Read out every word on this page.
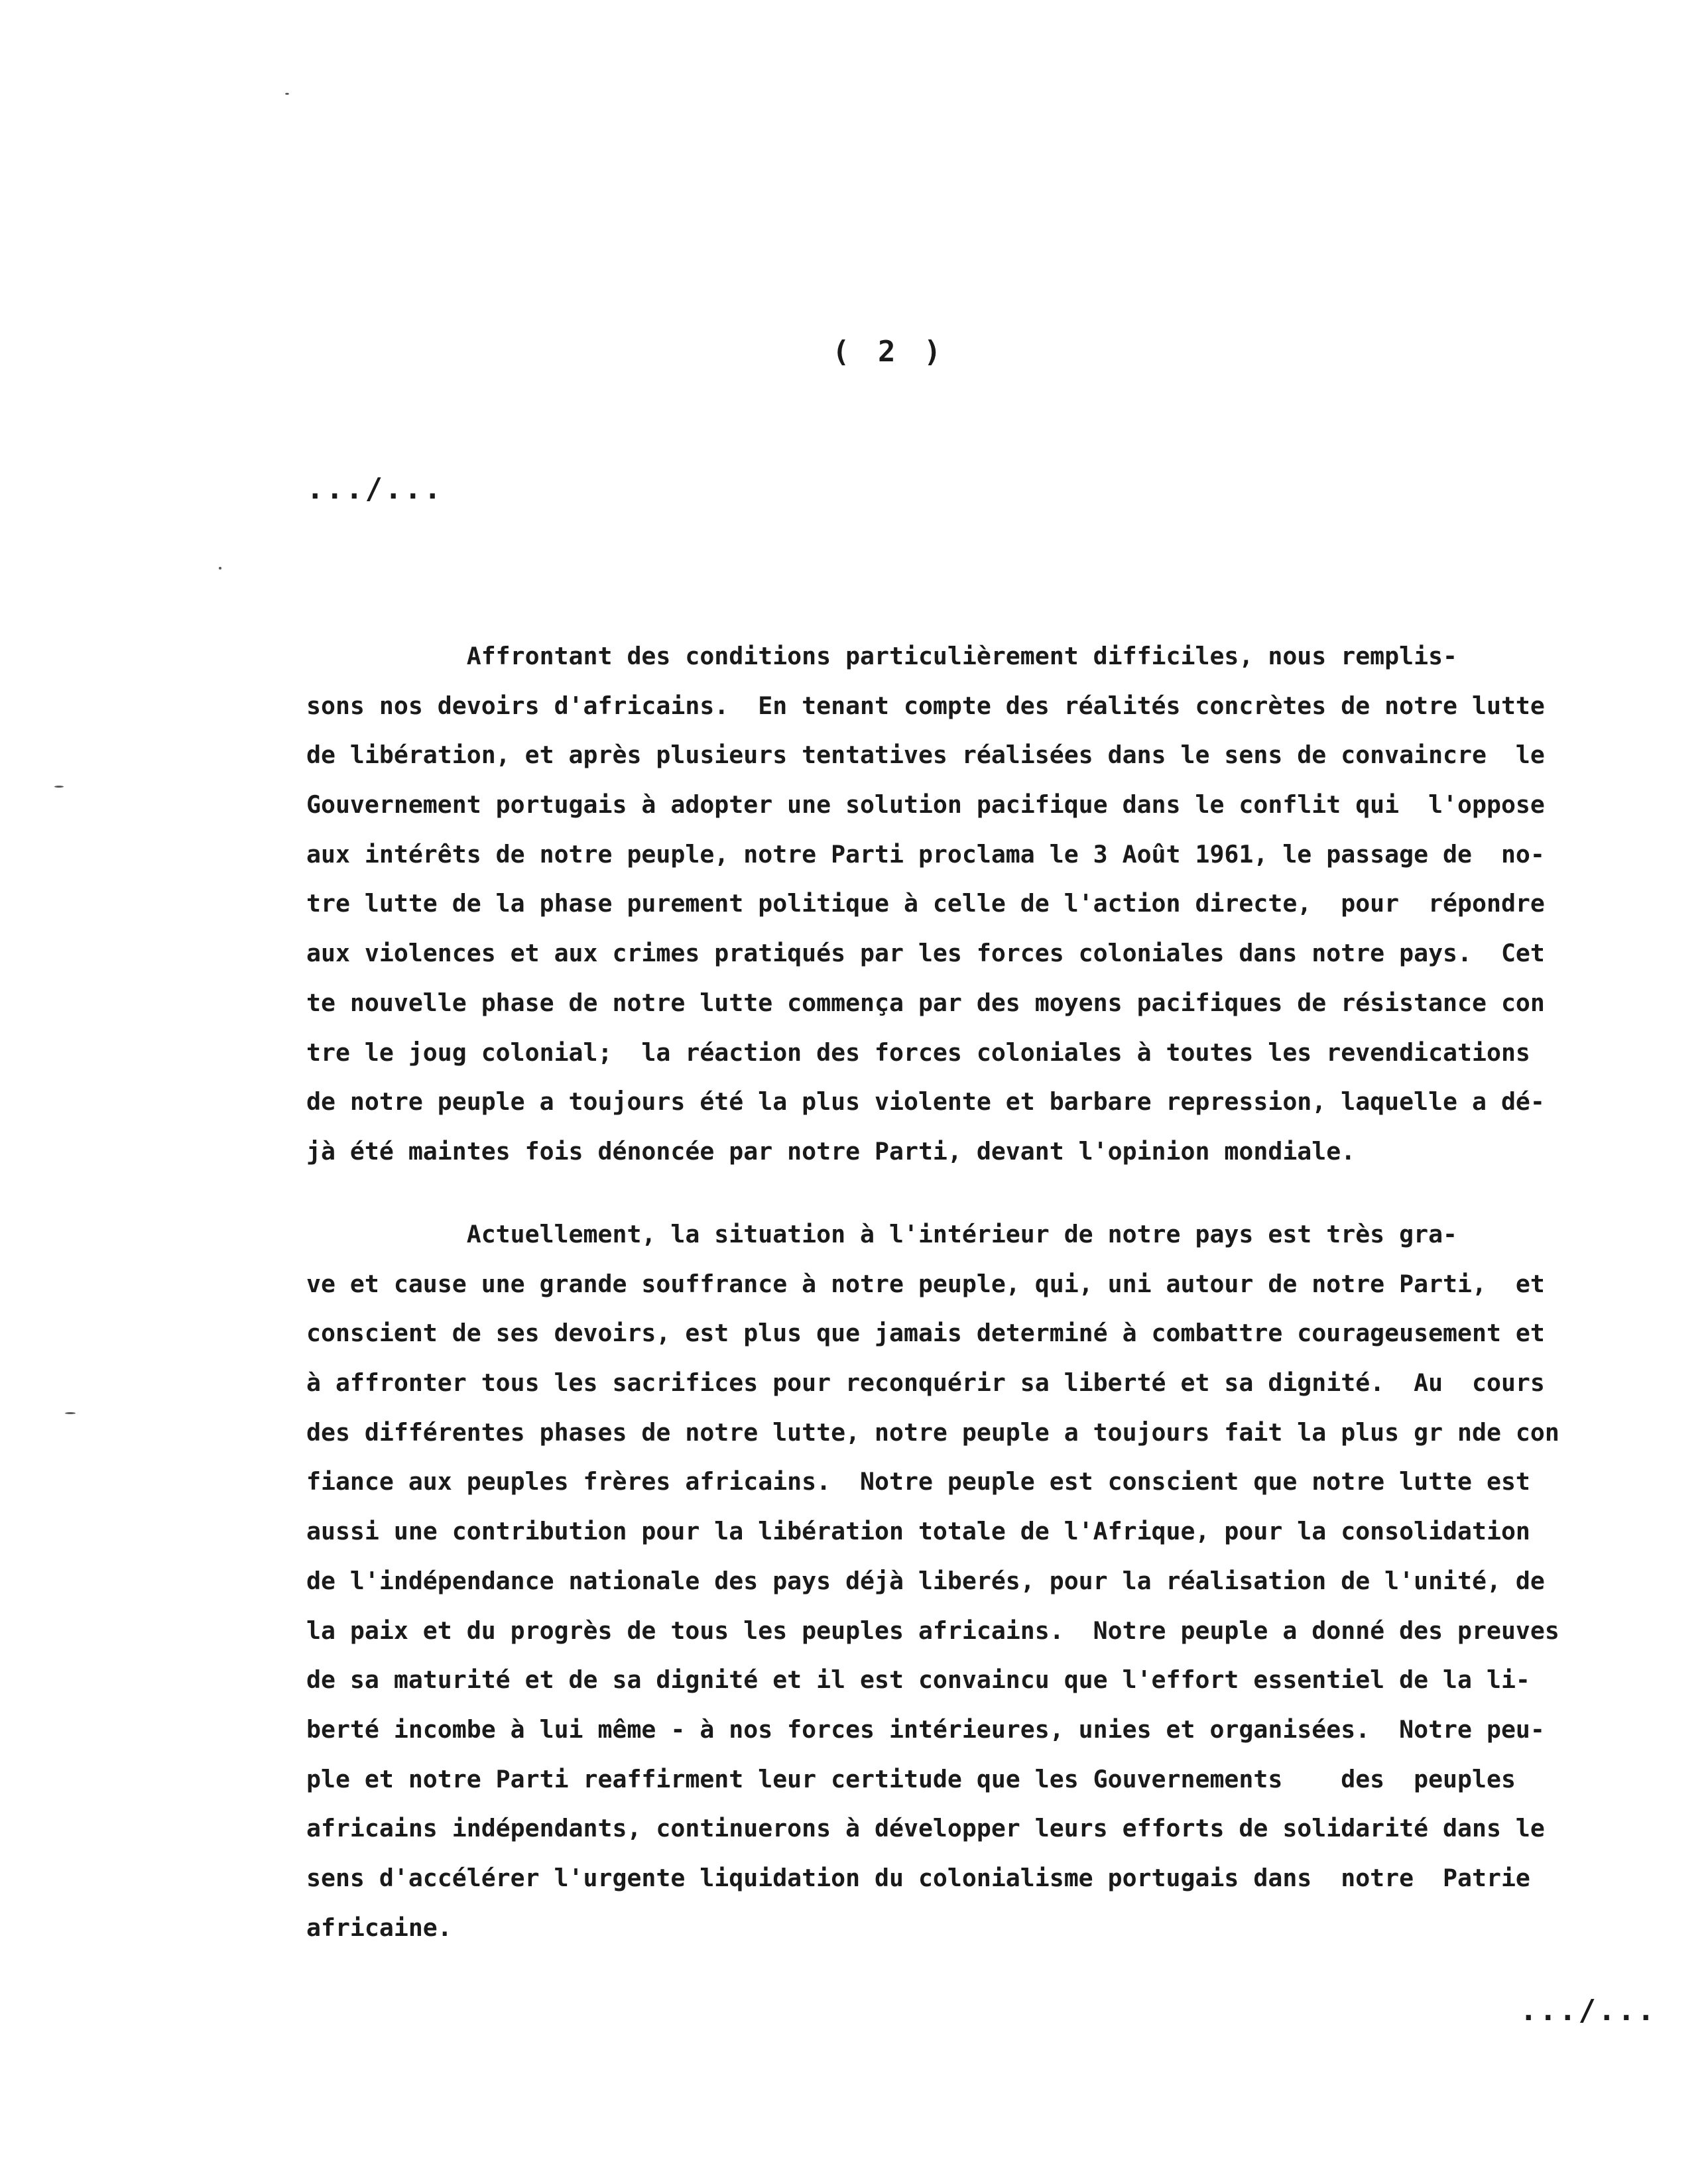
( 2 )
.../...
Affrontant des conditions particulièrement difficiles, nous remplis-
sons nos devoirs d'africains.  En tenant compte des réalités concrètes de notre lutte
de libération, et après plusieurs tentatives réalisées dans le sens de convaincre  le
Gouvernement portugais à adopter une solution pacifique dans le conflit qui  l'oppose
aux intérêts de notre peuple, notre Parti proclama le 3 Août 1961, le passage de  no-
tre lutte de la phase purement politique à celle de l'action directe,  pour  répondre
aux violences et aux crimes pratiqués par les forces coloniales dans notre pays.  Cet
te nouvelle phase de notre lutte commença par des moyens pacifiques de résistance con
tre le joug colonial;  la réaction des forces coloniales à toutes les revendications
de notre peuple a toujours été la plus violente et barbare repression, laquelle a dé-
jà été maintes fois dénoncée par notre Parti, devant l'opinion mondiale.
Actuellement, la situation à l'intérieur de notre pays est très gra-
ve et cause une grande souffrance à notre peuple, qui, uni autour de notre Parti,  et
conscient de ses devoirs, est plus que jamais determiné à combattre courageusement et
à affronter tous les sacrifices pour reconquérir sa liberté et sa dignité.  Au  cours
des différentes phases de notre lutte, notre peuple a toujours fait la plus gr nde con
fiance aux peuples frères africains.  Notre peuple est conscient que notre lutte est
aussi une contribution pour la libération totale de l'Afrique, pour la consolidation
de l'indépendance nationale des pays déjà liberés, pour la réalisation de l'unité, de
la paix et du progrès de tous les peuples africains.  Notre peuple a donné des preuves
de sa maturité et de sa dignité et il est convaincu que l'effort essentiel de la li-
berté incombe à lui même - à nos forces intérieures, unies et organisées.  Notre peu-
ple et notre Parti reaffirment leur certitude que les Gouvernements    des  peuples
africains indépendants, continuerons à développer leurs efforts de solidarité dans le
sens d'accélérer l'urgente liquidation du colonialisme portugais dans  notre  Patrie
africaine.
.../...
